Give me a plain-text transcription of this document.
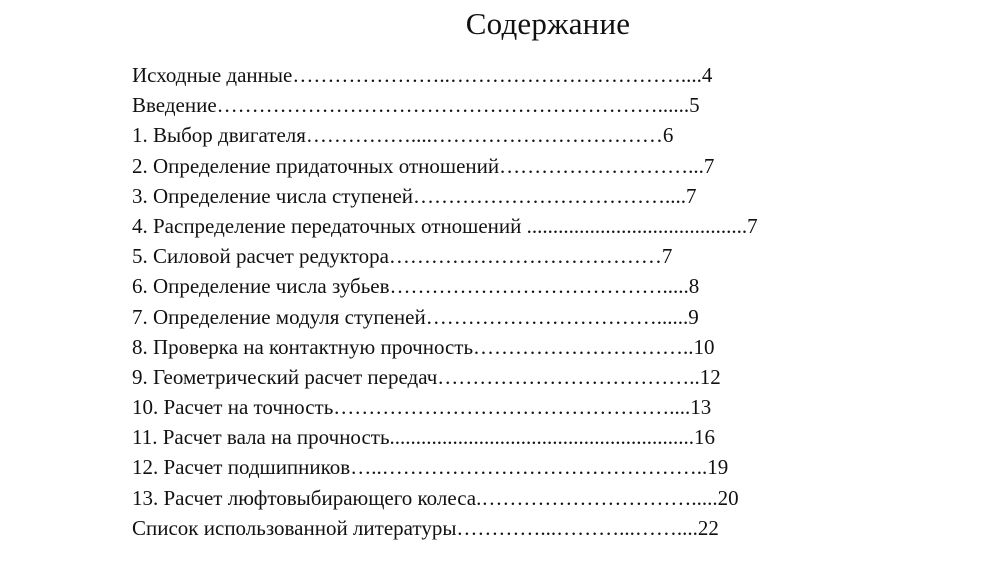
Содержание
Исходные данные…………………..……………………………....4
Введение………………………………………………………......5
1. Выбор двигателя……………....……………………………6
2. Определение придаточных отношений………………………...7
3. Определение числа ступеней………………………………....7
4. Распределение передаточных отношений ..........................................7
5. Силовой расчет редуктора…………………………………7
6. Определение числа зубьев………………………………….....8
7. Определение модуля ступеней……………………………......9
8. Проверка на контактную прочность…………………………..10
9. Геометрический расчет передач………………………………..12
10. Расчет на точность…………………………………………....13
11. Расчет вала на прочность..........................................................16
12. Расчет подшипников…..………………………………………..19
13. Расчет люфтовыбирающего колеса.………………………….....20
Список использованной литературы…………...………...……....22
